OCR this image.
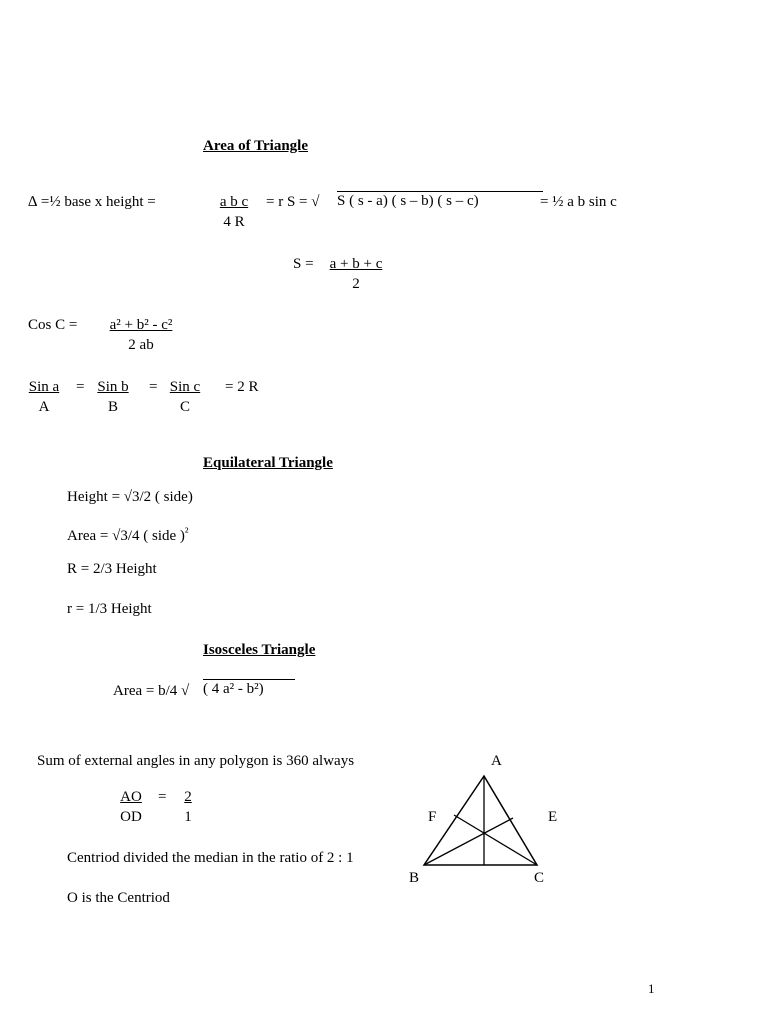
Area of Triangle
∆ =½ base x height =	$\frac{\text{a b c}}{4 R} = r$ S = √ S ( s - a) ( s – b) ( s – c)	= ½ a b sin c
$S = \frac{a + b + c}{2}$
Cos $C = \frac{\text{a² + b² - c²}}{2 ab}$
Sin a
A
= Sin b
B
= Sin c
C
= 2 R
Equilateral Triangle
Height = √3/2 ( side)
Area = √3/4 ( side )$^{^2}$
R = 2/3 Height
r = 1/3 Height
Isosceles Triangle
Area = b/4 √ ( 4 a² - b²)
Sum of external angles in any polygon is 360 always
$\frac{AO}{OD} = \frac{2}{1}$
Centriod divided the median in the ratio of 2 : 1
O is the Centriod
A
F	E
B	C
1
